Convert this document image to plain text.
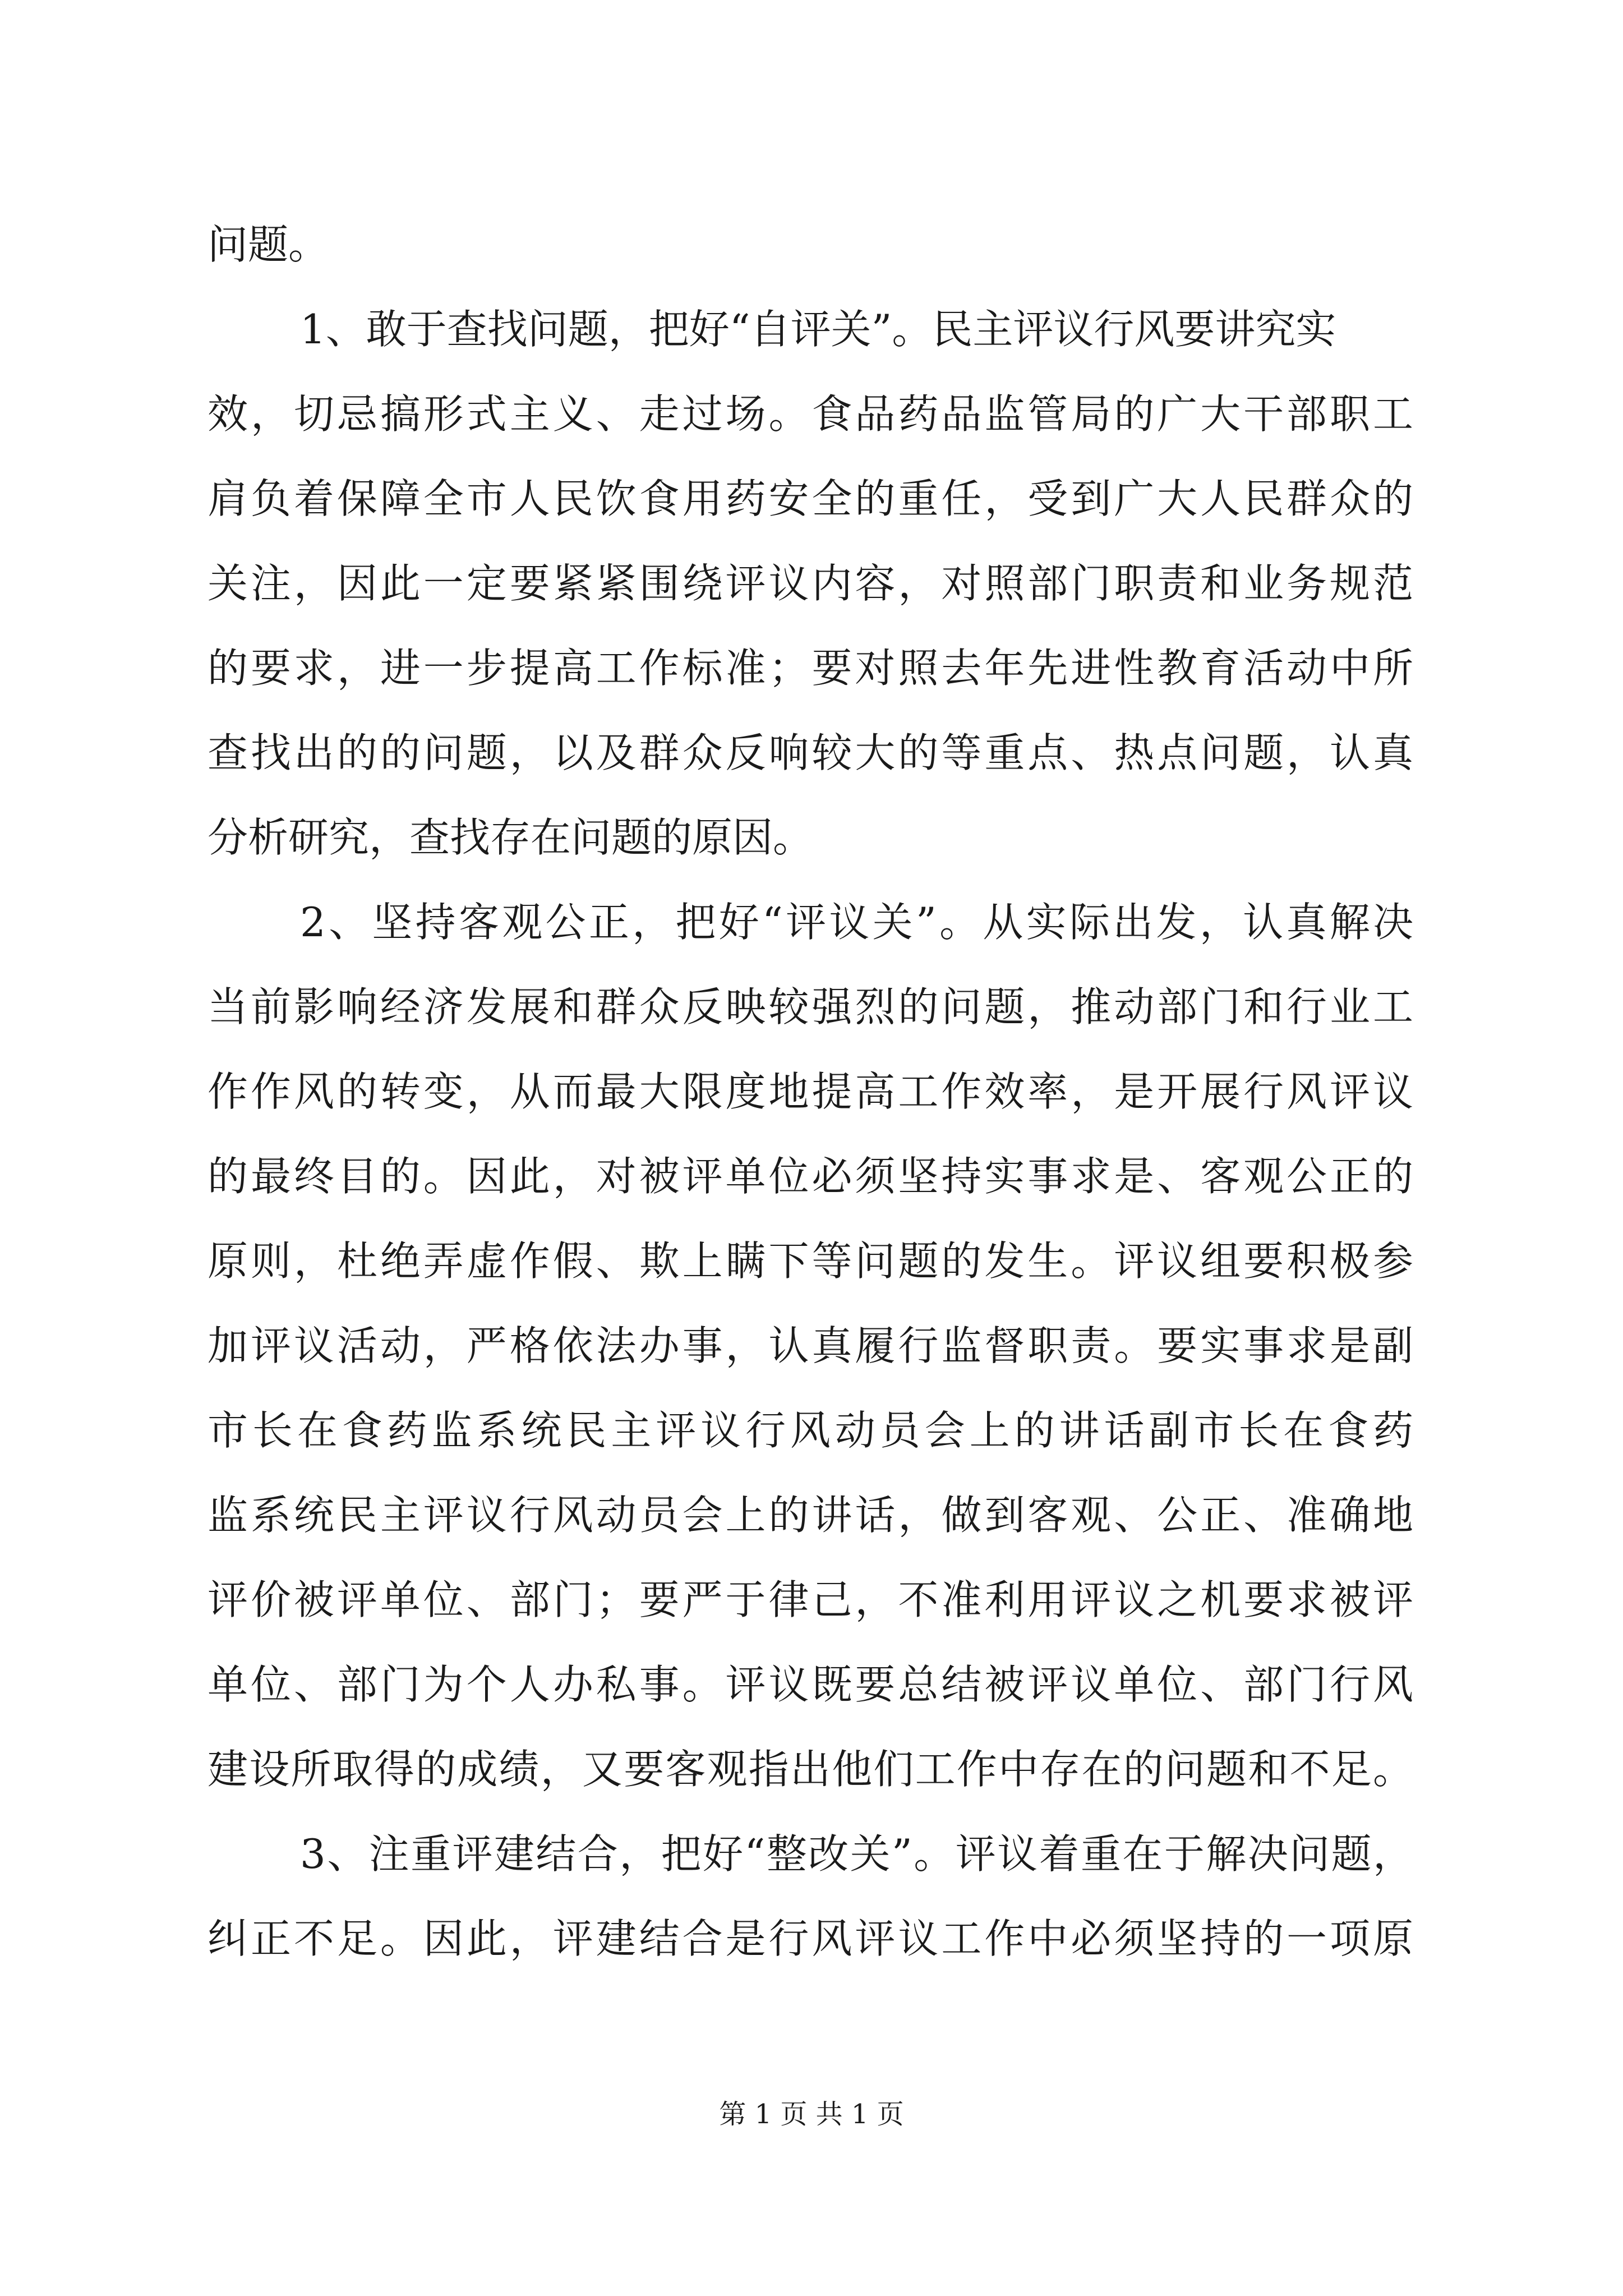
问题。
1、敢于查找问题，把好“自评关”。民主评议行风要讲究实
效，切忌搞形式主义、走过场。食品药品监管局的广大干部职工
肩负着保障全市人民饮食用药安全的重任，受到广大人民群众的
关注，因此一定要紧紧围绕评议内容，对照部门职责和业务规范
的要求，进一步提高工作标准；要对照去年先进性教育活动中所
查找出的的问题，以及群众反响较大的等重点、热点问题，认真
分析研究，查找存在问题的原因。
2、坚持客观公正，把好“评议关”。从实际出发，认真解决
当前影响经济发展和群众反映较强烈的问题，推动部门和行业工
作作风的转变，从而最大限度地提高工作效率，是开展行风评议
的最终目的。因此，对被评单位必须坚持实事求是、客观公正的
原则，杜绝弄虚作假、欺上瞒下等问题的发生。评议组要积极参
加评议活动，严格依法办事，认真履行监督职责。要实事求是副
市长在食药监系统民主评议行风动员会上的讲话副市长在食药
监系统民主评议行风动员会上的讲话，做到客观、公正、准确地
评价被评单位、部门；要严于律己，不准利用评议之机要求被评
单位、部门为个人办私事。评议既要总结被评议单位、部门行风
建设所取得的成绩，又要客观指出他们工作中存在的问题和不足。
3、注重评建结合，把好“整改关”。评议着重在于解决问题，
纠正不足。因此，评建结合是行风评议工作中必须坚持的一项原
第 1 页 共 1 页
